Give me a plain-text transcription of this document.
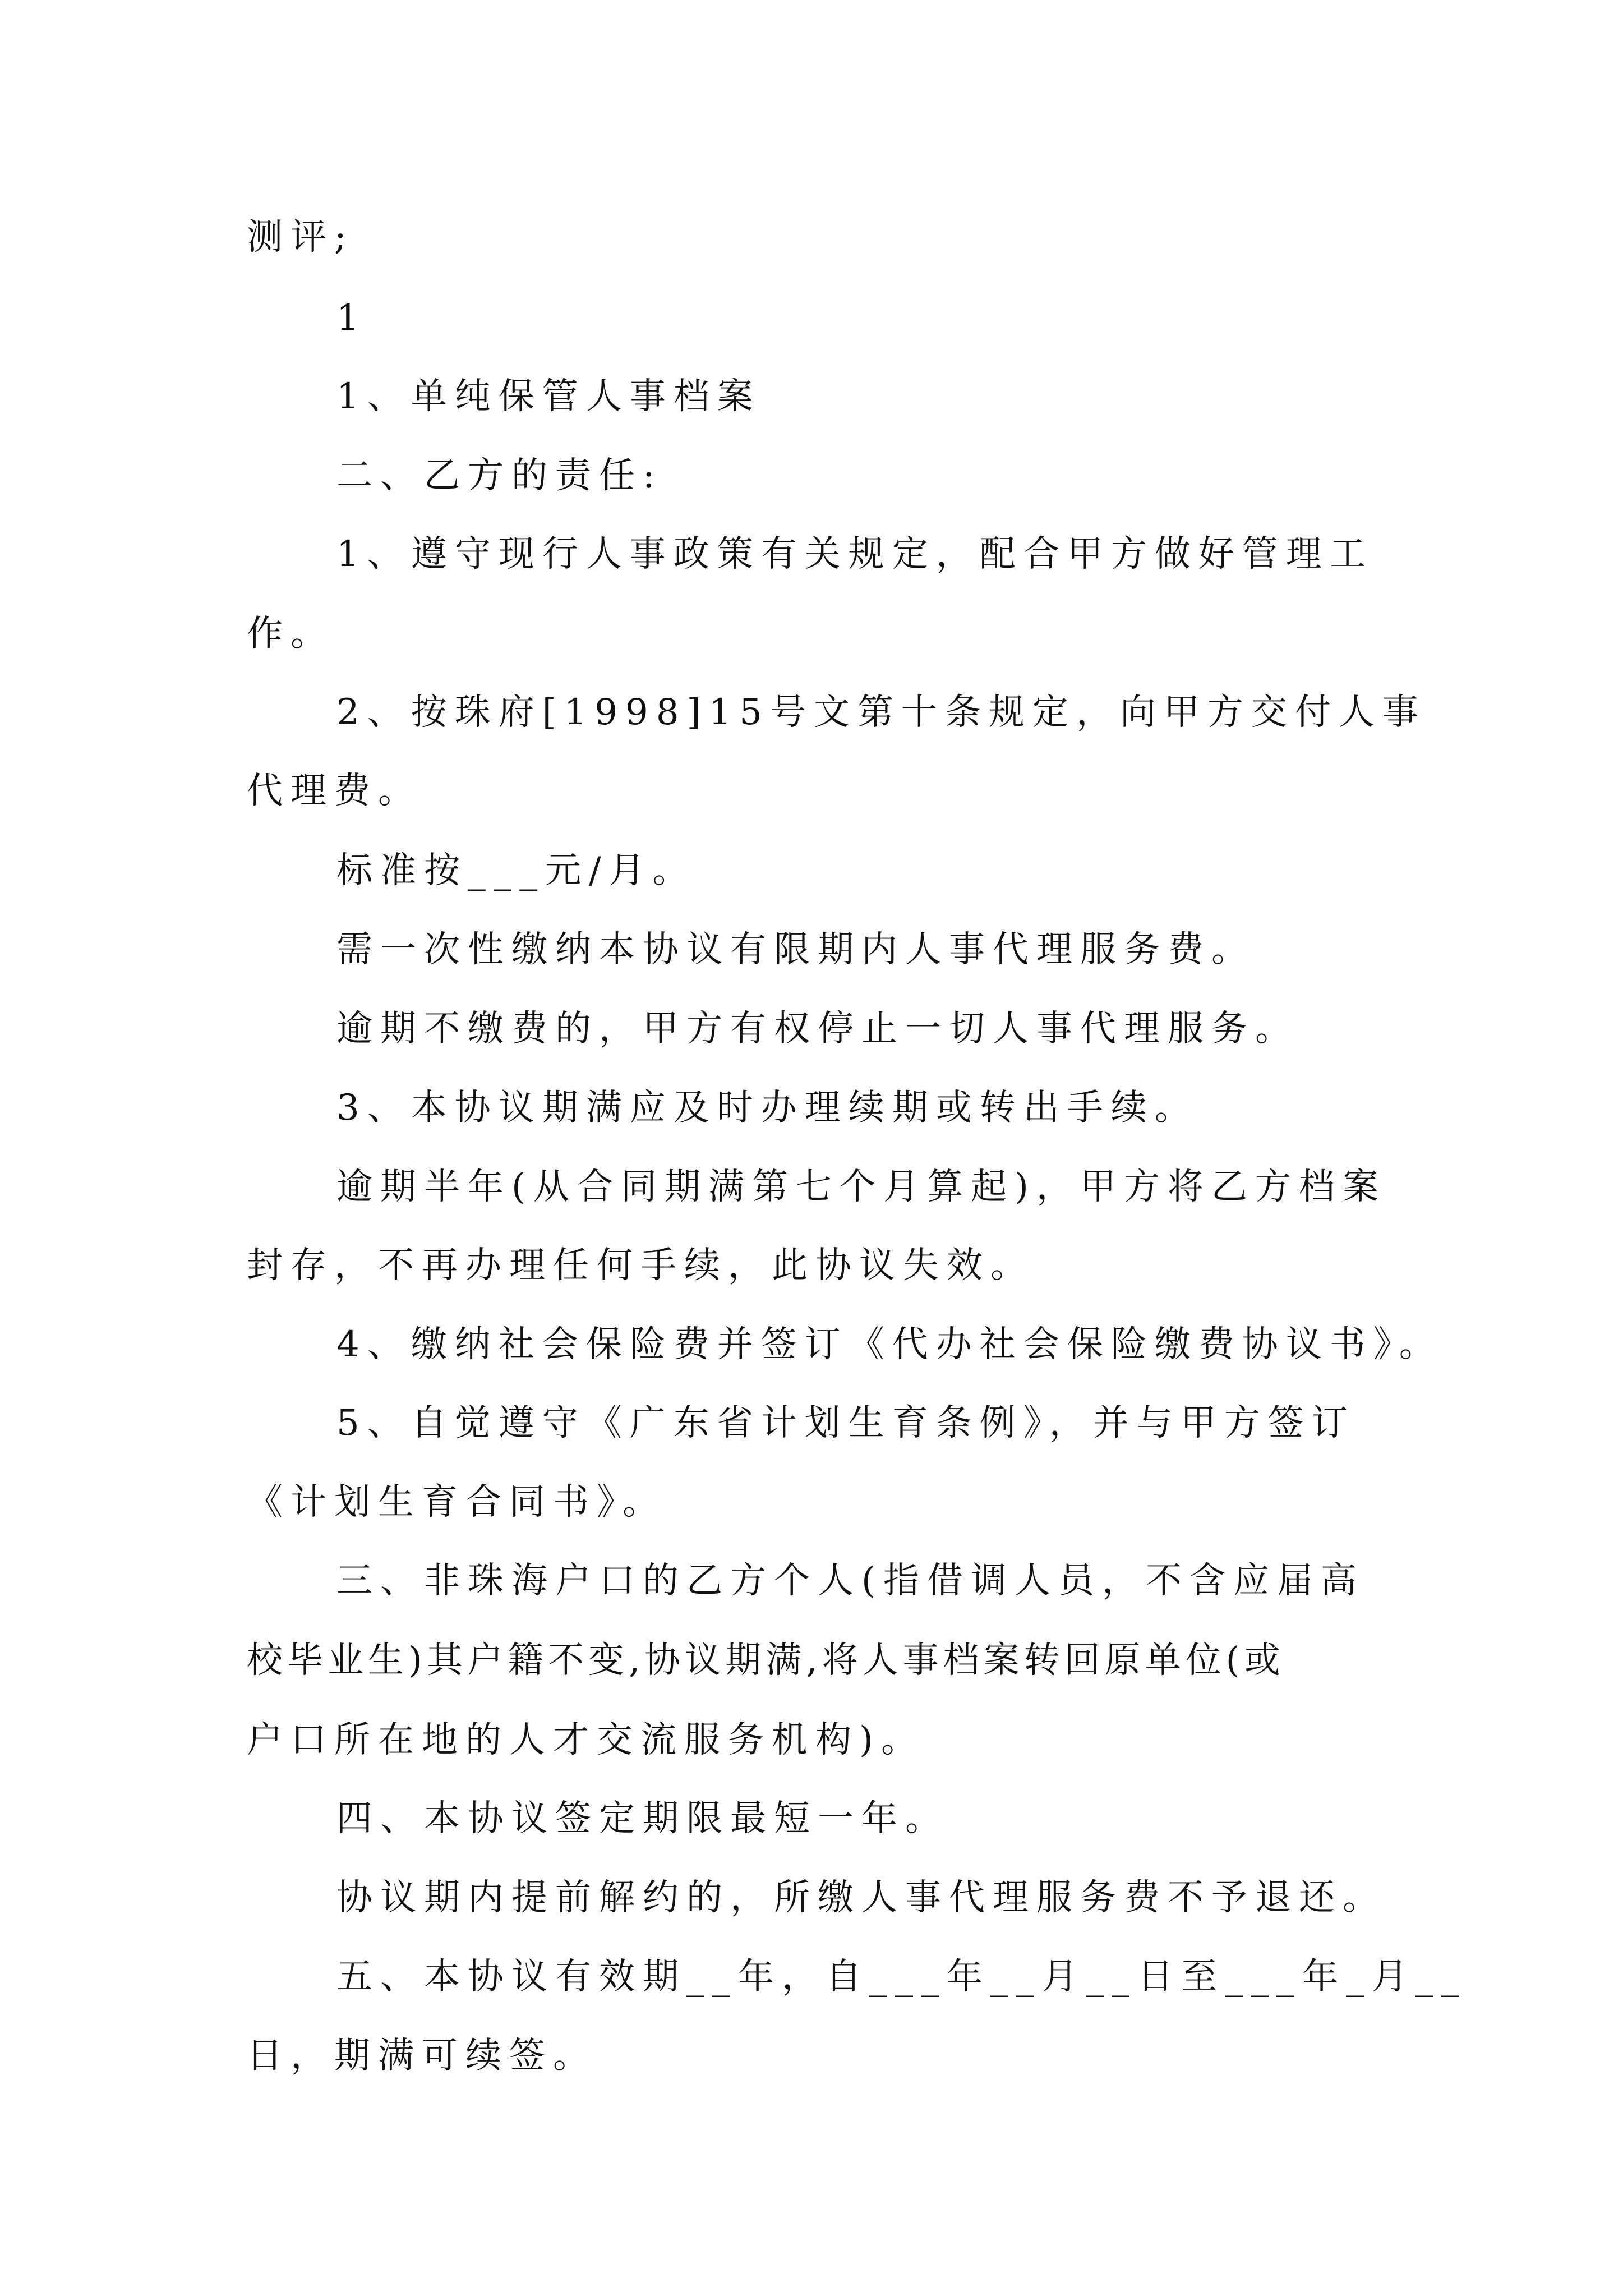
测评;
1
1、单纯保管人事档案
二、乙方的责任:
1、遵守现行人事政策有关规定，配合甲方做好管理工
作。
2、按珠府[1998]15号文第十条规定，向甲方交付人事
代理费。
标准按___元/月。
需一次性缴纳本协议有限期内人事代理服务费。
逾期不缴费的，甲方有权停止一切人事代理服务。
3、本协议期满应及时办理续期或转出手续。
逾期半年(从合同期满第七个月算起)，甲方将乙方档案
封存，不再办理任何手续，此协议失效。
4、缴纳社会保险费并签订《代办社会保险缴费协议书》。
5、自觉遵守《广东省计划生育条例》，并与甲方签订
《计划生育合同书》。
三、非珠海户口的乙方个人(指借调人员，不含应届高
校毕业生)其户籍不变,协议期满,将人事档案转回原单位(或
户口所在地的人才交流服务机构)。
四、本协议签定期限最短一年。
协议期内提前解约的，所缴人事代理服务费不予退还。
五、本协议有效期__年，自___年__月__日至___年_月__
日，期满可续签。
